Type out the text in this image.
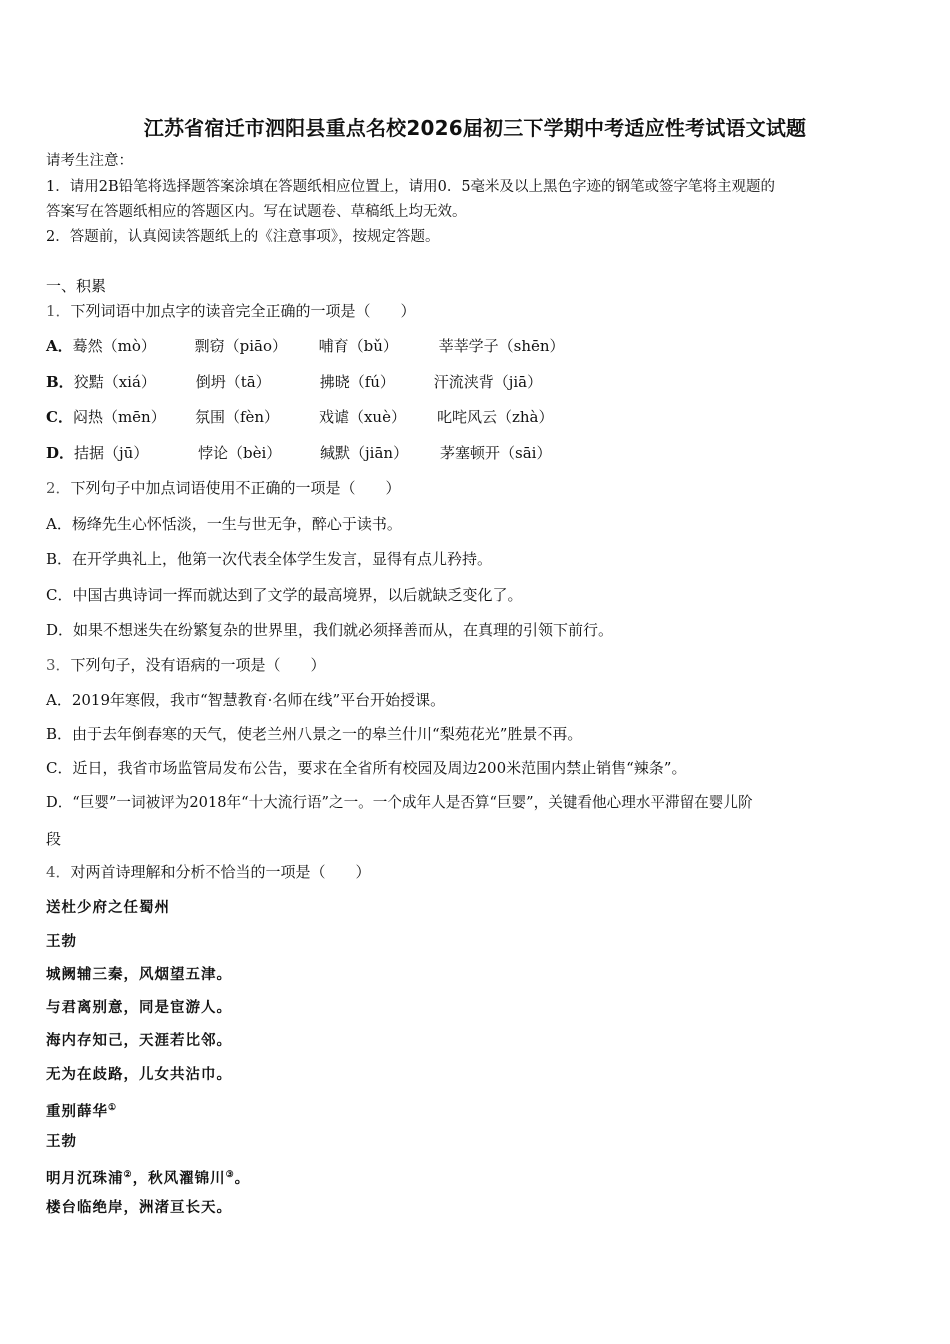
江苏省宿迁市泗阳县重点名校2026届初三下学期中考适应性考试语文试题
请考生注意：
1．请用2B铅笔将选择题答案涂填在答题纸相应位置上，请用0．5毫米及以上黑色字迹的钢笔或签字笔将主观题的
答案写在答题纸相应的答题区内。写在试题卷、草稿纸上均无效。
2．答题前，认真阅读答题纸上的《注意事项》，按规定答题。
一、积累
1．下列词语中加点字的读音完全正确的一项是（　　）
A．蓦然（mò）	剽窃（piāo） 哺育（bǔ）	莘莘学子（shēn）
B．狡黠（xiá）	倒坍（tā）	拂晓（fú）	汗流浃背（jiā）
C．闷热（mēn） 氛围（fèn）	戏谑（xuè） 叱咤风云（zhà）
D．拮据（jū）	悖论（bèi）	缄默（jiān） 茅塞顿开（sāi）
2．下列句子中加点词语使用不正确的一项是（　　）
A．杨绛先生心怀恬淡，一生与世无争，醉心于读书。
B．在开学典礼上，他第一次代表全体学生发言，显得有点儿矜持。
C．中国古典诗词一挥而就达到了文学的最高境界，以后就缺乏变化了。
D．如果不想迷失在纷繁复杂的世界里，我们就必须择善而从，在真理的引领下前行。
3．下列句子，没有语病的一项是（　　）
A．2019年寒假，我市“智慧教育·名师在线”平台开始授课。
B．由于去年倒春寒的天气，使老兰州八景之一的皋兰什川“梨苑花光”胜景不再。
C．近日，我省市场监管局发布公告，要求在全省所有校园及周边200米范围内禁止销售“辣条”。
D．“巨婴”一词被评为2018年“十大流行语”之一。一个成年人是否算“巨婴”，关键看他心理水平滞留在婴儿阶
段
4．对两首诗理解和分析不恰当的一项是（　　）
送杜少府之任蜀州
王勃
城阙辅三秦，风烟望五津。
与君离别意，同是宦游人。
海内存知己，天涯若比邻。
无为在歧路，儿女共沾巾。
重别薛华①
王勃
明月沉珠浦②，秋风濯锦川③。
楼台临绝岸，洲渚亘长天。
